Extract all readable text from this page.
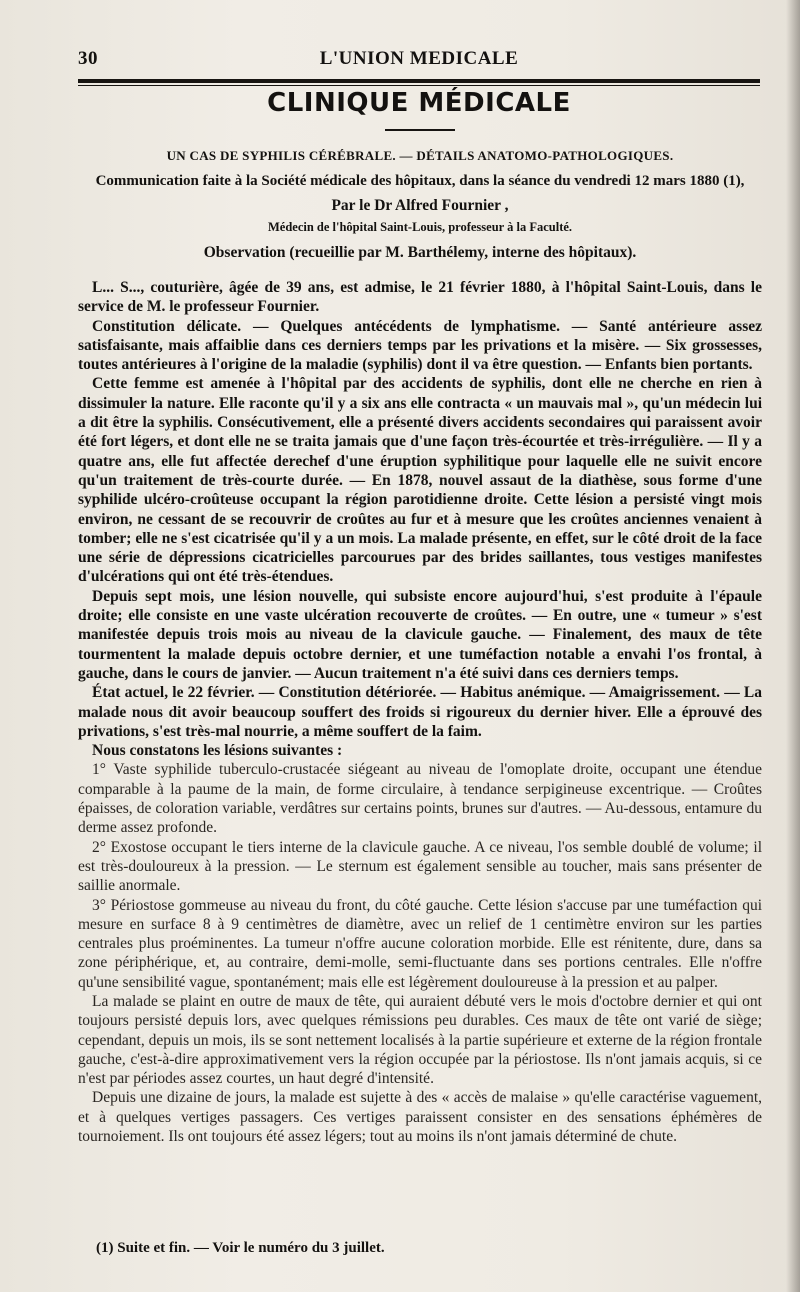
30	L'UNION MEDICALE
CLINIQUE MÉDICALE

UN CAS DE SYPHILIS CÉRÉBRALE. — DÉTAILS ANATOMO-PATHOLOGIQUES.

Communication faite à la Société médicale des hôpitaux, dans la séance du vendredi 12 mars 1880 (1),

Par le Dr Alfred Fournier ,

Médecin de l'hôpital Saint-Louis, professeur à la Faculté.

Observation (recueillie par M. Barthélemy, interne des hôpitaux).

L... S..., couturière, âgée de 39 ans, est admise, le 21 février 1880, à l'hôpital Saint-Louis, dans le service de M. le professeur Fournier.

Constitution délicate. — Quelques antécédents de lymphatisme. — Santé antérieure assez satisfaisante, mais affaiblie dans ces derniers temps par les privations et la misère. — Six grossesses, toutes antérieures à l'origine de la maladie (syphilis) dont il va être question. — Enfants bien portants.

Cette femme est amenée à l'hôpital par des accidents de syphilis, dont elle ne cherche en rien à dissimuler la nature. Elle raconte qu'il y a six ans elle contracta « un mauvais mal », qu'un médecin lui a dit être la syphilis. Consécutivement, elle a présenté divers accidents secondaires qui paraissent avoir été fort légers, et dont elle ne se traita jamais que d'une façon très-écourtée et très-irrégulière. — Il y a quatre ans, elle fut affectée derechef d'une éruption syphilitique pour laquelle elle ne suivit encore qu'un traitement de très-courte durée. — En 1878, nouvel assaut de la diathèse, sous forme d'une syphilide ulcéro-croûteuse occupant la région parotidienne droite. Cette lésion a persisté vingt mois environ, ne cessant de se recouvrir de croûtes au fur et à mesure que les croûtes anciennes venaient à tomber; elle ne s'est cicatrisée qu'il y a un mois. La malade présente, en effet, sur le côté droit de la face une série de dépressions cicatricielles parcourues par des brides saillantes, tous vestiges manifestes d'ulcérations qui ont été très-étendues.

Depuis sept mois, une lésion nouvelle, qui subsiste encore aujourd'hui, s'est produite à l'épaule droite; elle consiste en une vaste ulcération recouverte de croûtes. — En outre, une « tumeur » s'est manifestée depuis trois mois au niveau de la clavicule gauche. — Finalement, des maux de tête tourmentent la malade depuis octobre dernier, et une tuméfaction notable a envahi l'os frontal, à gauche, dans le cours de janvier. — Aucun traitement n'a été suivi dans ces derniers temps.

État actuel, le 22 février. — Constitution détériorée. — Habitus anémique. — Amaigrissement. — La malade nous dit avoir beaucoup souffert des froids si rigoureux du dernier hiver. Elle a éprouvé des privations, s'est très-mal nourrie, a même souffert de la faim.

Nous constatons les lésions suivantes :

1° Vaste syphilide tuberculo-crustacée siégeant au niveau de l'omoplate droite, occupant une étendue comparable à la paume de la main, de forme circulaire, à tendance serpigineuse excentrique. — Croûtes épaisses, de coloration variable, verdâtres sur certains points, brunes sur d'autres. — Au-dessous, entamure du derme assez profonde.

2° Exostose occupant le tiers interne de la clavicule gauche. A ce niveau, l'os semble doublé de volume; il est très-douloureux à la pression. — Le sternum est également sensible au toucher, mais sans présenter de saillie anormale.

3° Périostose gommeuse au niveau du front, du côté gauche. Cette lésion s'accuse par une tuméfaction qui mesure en surface 8 à 9 centimètres de diamètre, avec un relief de 1 centimètre environ sur les parties centrales plus proéminentes. La tumeur n'offre aucune coloration morbide. Elle est rénitente, dure, dans sa zone périphérique, et, au contraire, demi-molle, semi-fluctuante dans ses portions centrales. Elle n'offre qu'une sensibilité vague, spontanément; mais elle est légèrement douloureuse à la pression et au palper.

La malade se plaint en outre de maux de tête, qui auraient débuté vers le mois d'octobre dernier et qui ont toujours persisté depuis lors, avec quelques rémissions peu durables. Ces maux de tête ont varié de siège; cependant, depuis un mois, ils se sont nettement localisés à la partie supérieure et externe de la région frontale gauche, c'est-à-dire approximativement vers la région occupée par la périostose. Ils n'ont jamais acquis, si ce n'est par périodes assez courtes, un haut degré d'intensité.

Depuis une dizaine de jours, la malade est sujette à des « accès de malaise » qu'elle caractérise vaguement, et à quelques vertiges passagers. Ces vertiges paraissent consister en des sensations éphémères de tournoiement. Ils ont toujours été assez légers; tout au moins ils n'ont jamais déterminé de chute.

(1) Suite et fin. — Voir le numéro du 3 juillet.
